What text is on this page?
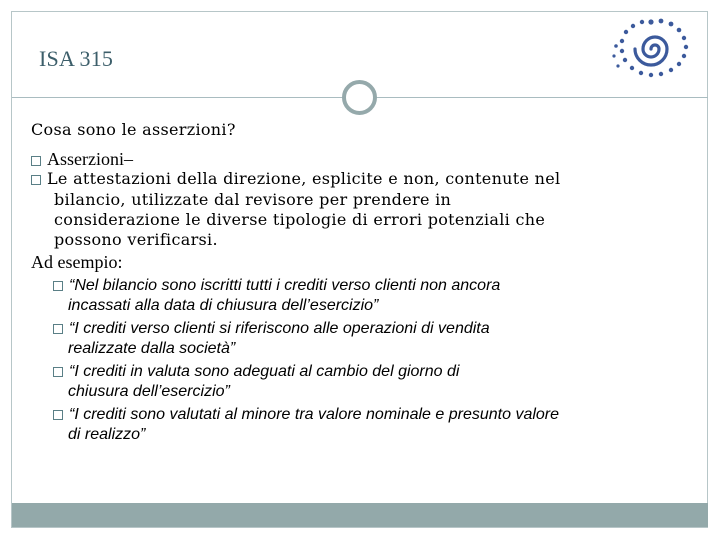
ISA 315
Cosa sono le asserzioni?
Asserzioni–
Le attestazioni della direzione, esplicite e non, contenute nel
bilancio, utilizzate dal revisore per prendere in
considerazione le diverse tipologie di errori potenziali che
possono verificarsi.
Ad esempio:
“Nel bilancio sono iscritti tutti i crediti verso clienti non ancora
incassati alla data di chiusura dell’esercizio”
“I crediti verso clienti si riferiscono alle operazioni di vendita
realizzate dalla società”
“I crediti in valuta sono adeguati al cambio del giorno di
chiusura dell’esercizio”
“I crediti sono valutati al minore tra valore nominale e presunto valore
di realizzo”
